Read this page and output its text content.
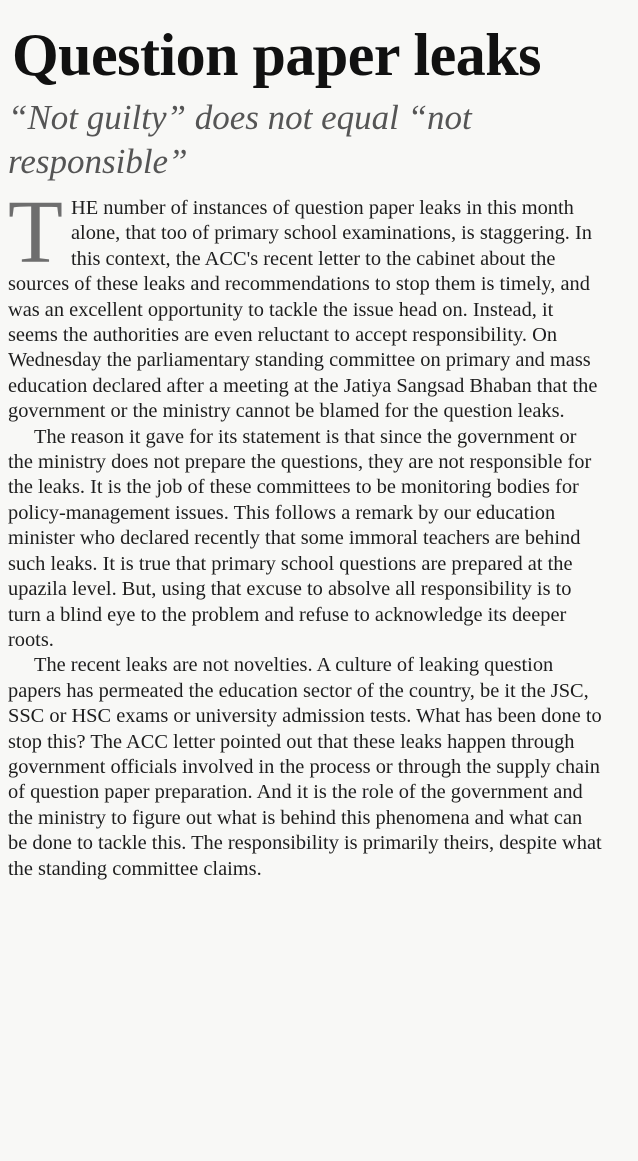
Question paper leaks
“Not guilty” does not equal “not responsible”

THE number of instances of question paper leaks in this month alone, that too of primary school examinations, is staggering. In this context, the ACC's recent letter to the cabinet about the sources of these leaks and recommendations to stop them is timely, and was an excellent opportunity to tackle the issue head on. Instead, it seems the authorities are even reluctant to accept responsibility. On Wednesday the parliamentary standing committee on primary and mass education declared after a meeting at the Jatiya Sangsad Bhaban that the government or the ministry cannot be blamed for the question leaks.

The reason it gave for its statement is that since the government or the ministry does not prepare the questions, they are not responsible for the leaks. It is the job of these committees to be monitoring bodies for policy-management issues. This follows a remark by our education minister who declared recently that some immoral teachers are behind such leaks. It is true that primary school questions are prepared at the upazila level. But, using that excuse to absolve all responsibility is to turn a blind eye to the problem and refuse to acknowledge its deeper roots.

The recent leaks are not novelties. A culture of leaking question papers has permeated the education sector of the country, be it the JSC, SSC or HSC exams or university admission tests. What has been done to stop this? The ACC letter pointed out that these leaks happen through government officials involved in the process or through the supply chain of question paper preparation. And it is the role of the government and the ministry to figure out what is behind this phenomena and what can be done to tackle this. The responsibility is primarily theirs, despite what the standing committee claims.
